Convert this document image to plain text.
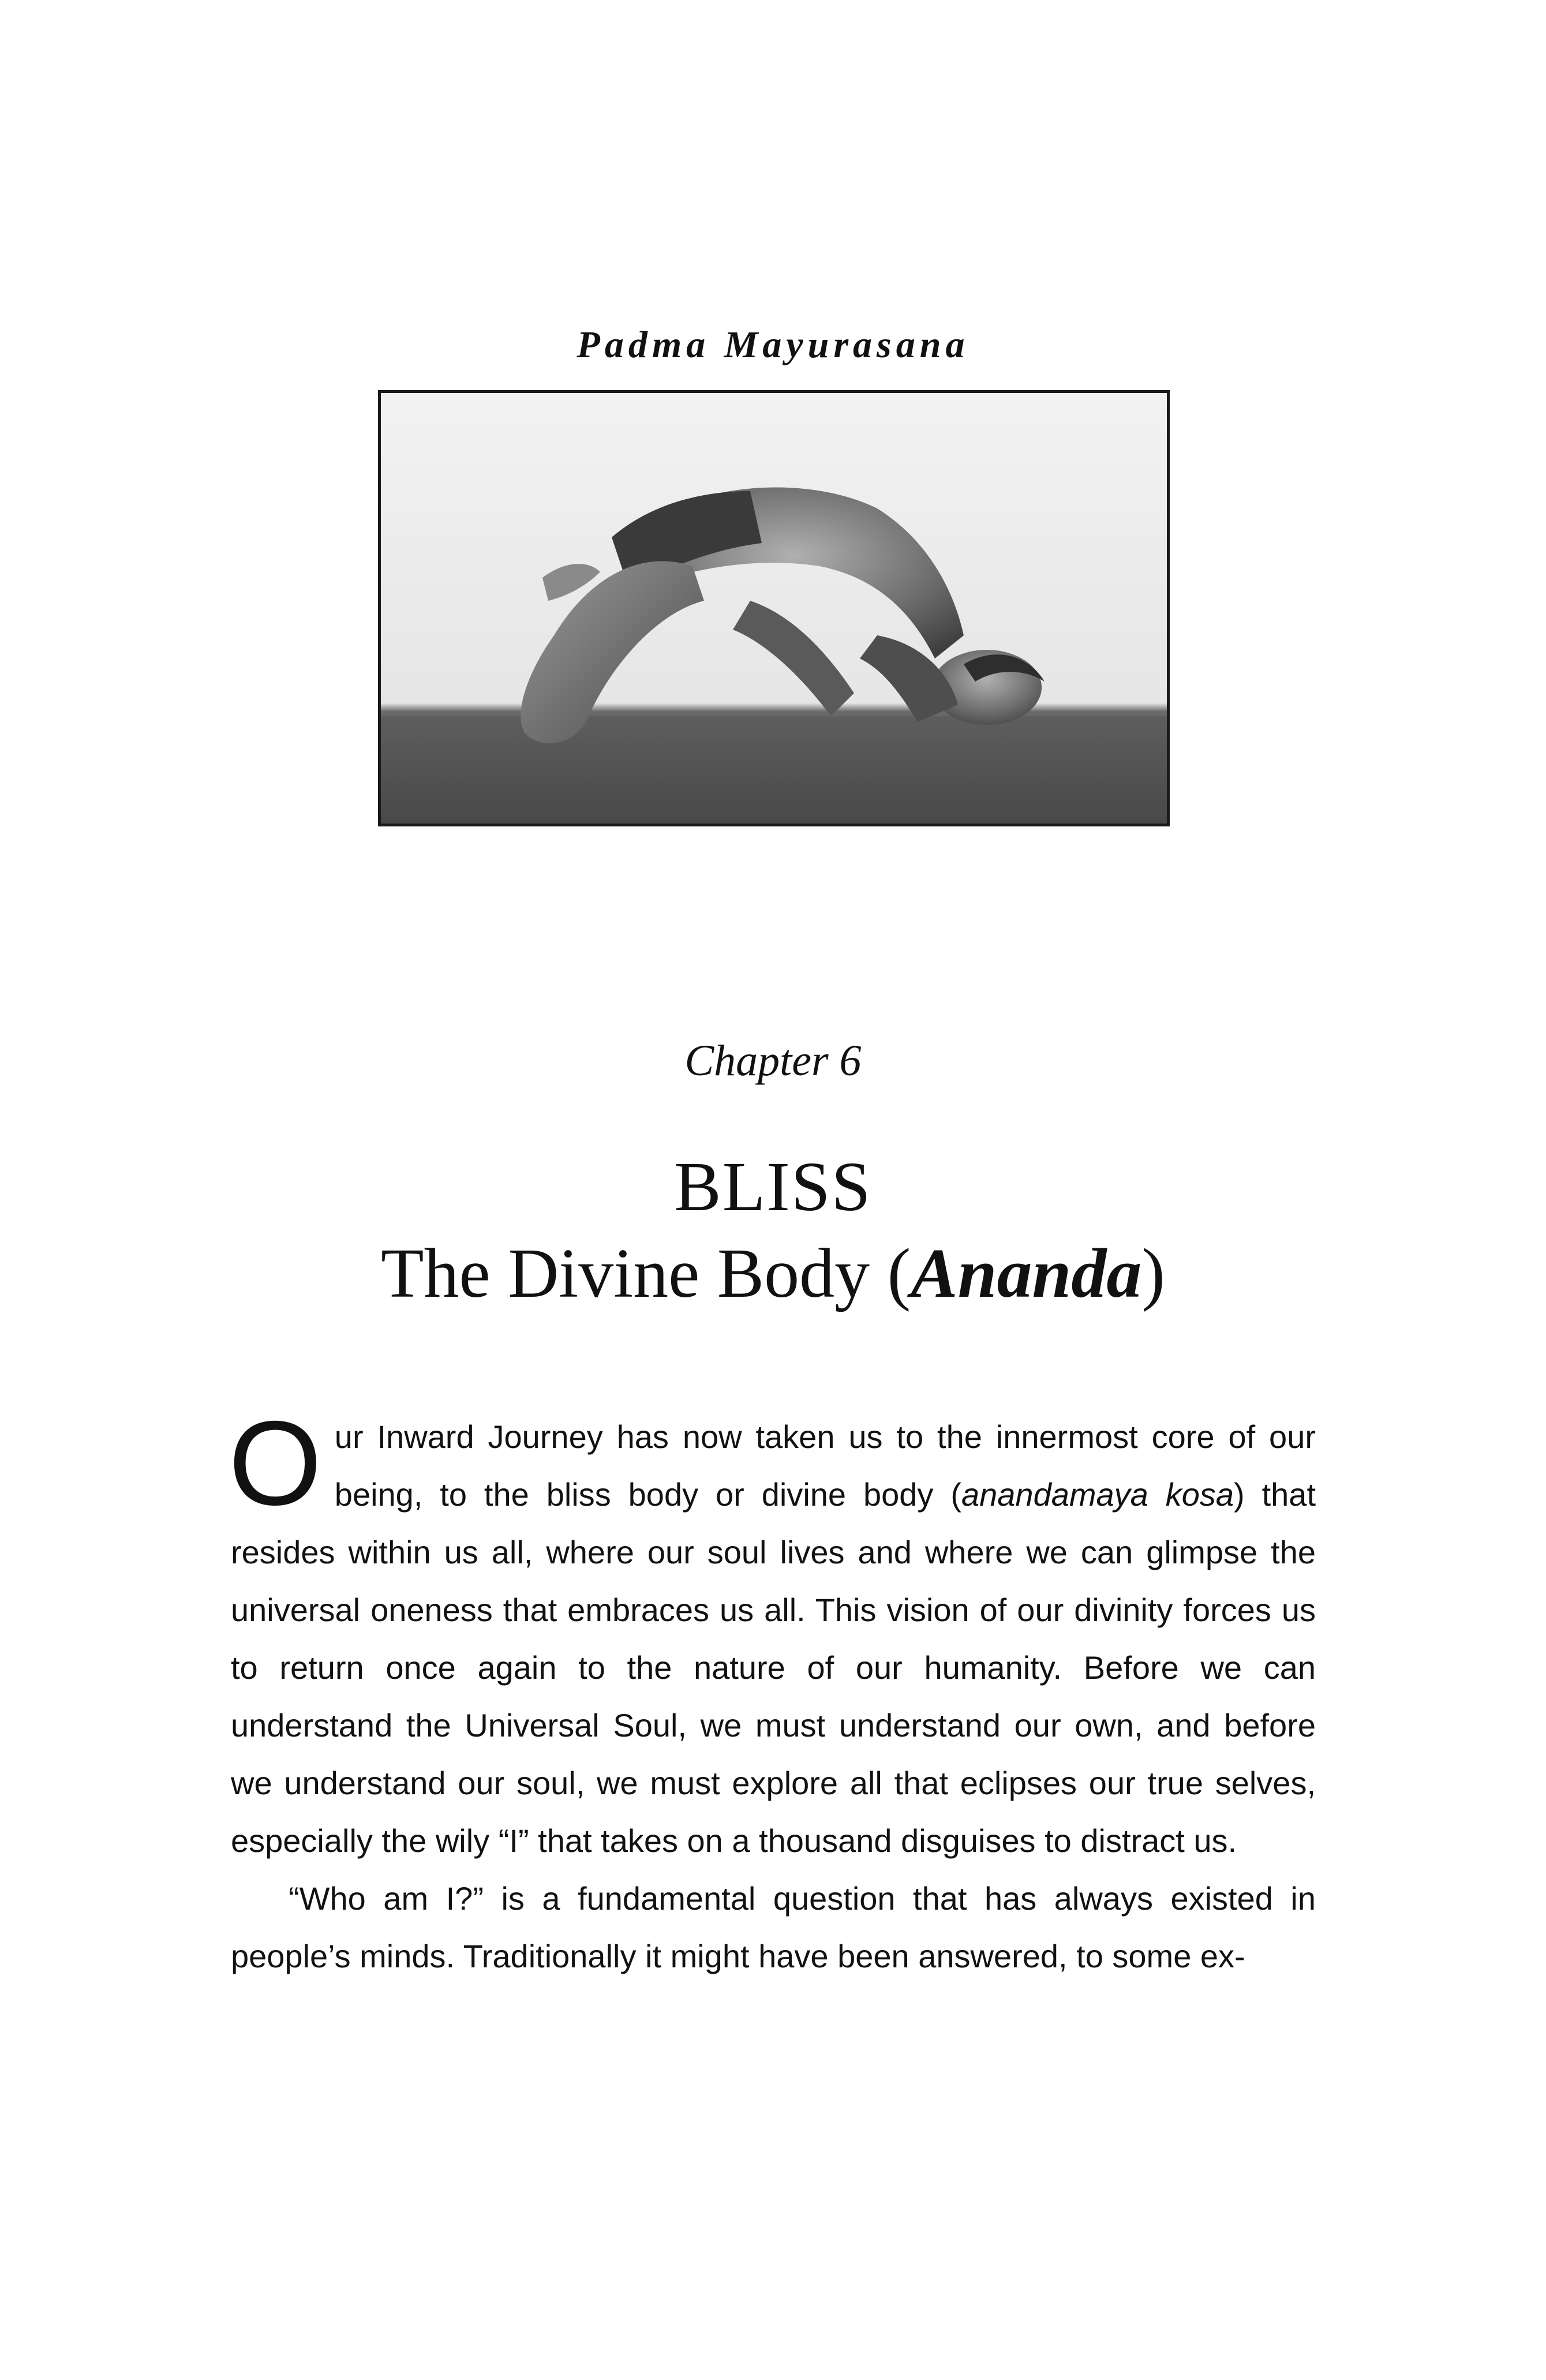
Padma Mayurasana
Chapter 6
BLISS
The Divine Body (Ananda)

Our Inward Journey has now taken us to the innermost core of our being, to the bliss body or divine body (anandamaya kosa) that resides within us all, where our soul lives and where we can glimpse the universal oneness that embraces us all. This vision of our divinity forces us to return once again to the nature of our humanity. Before we can understand the Universal Soul, we must understand our own, and before we understand our soul, we must explore all that eclipses our true selves, especially the wily “I” that takes on a thousand disguises to distract us.

“Who am I?” is a fundamental question that has always existed in people’s minds. Traditionally it might have been answered, to some ex-
